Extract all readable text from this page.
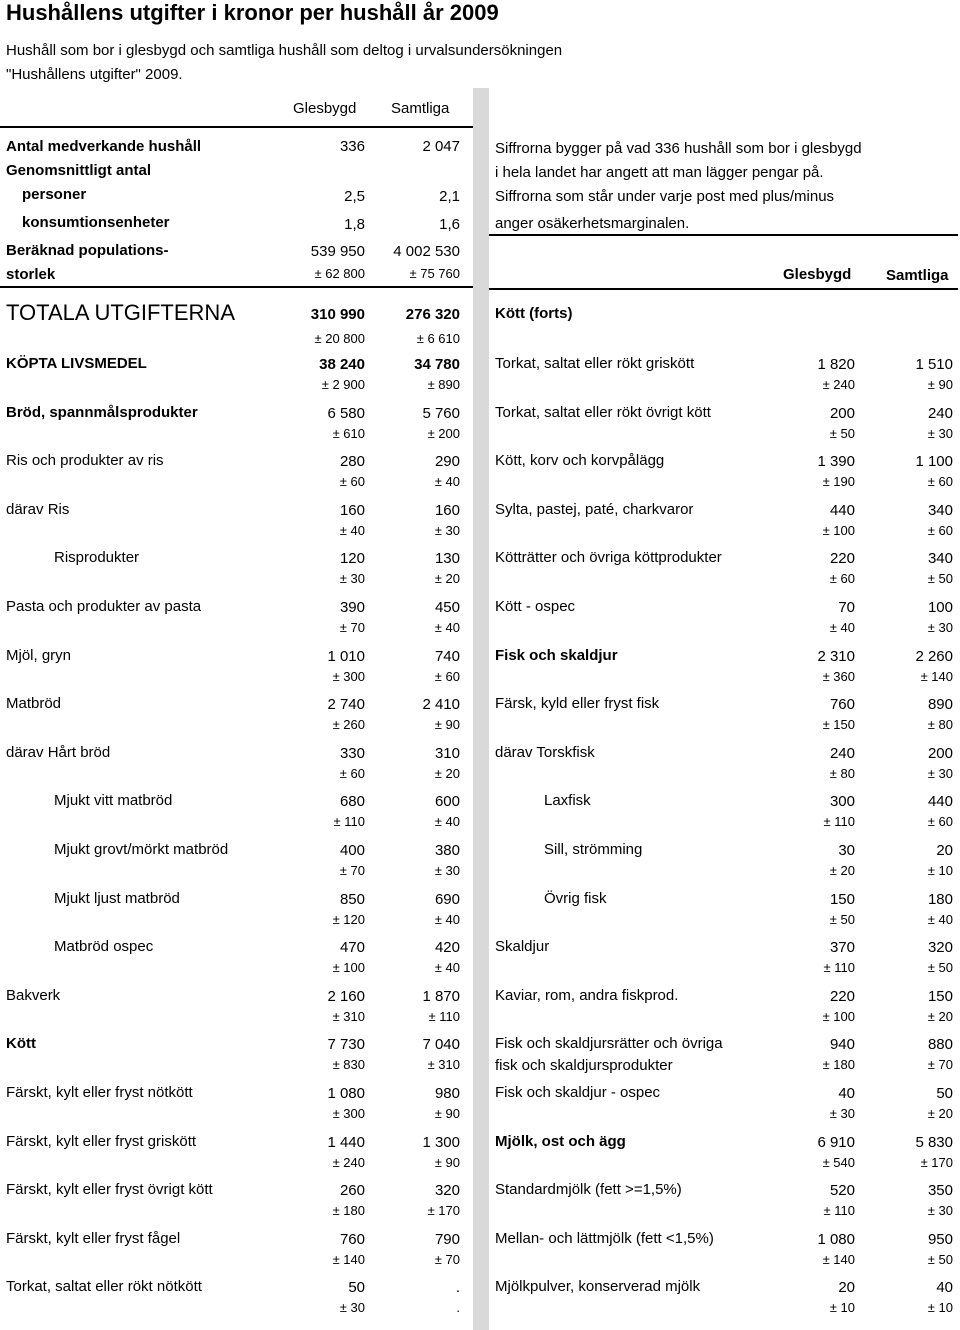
Hushållens utgifter i kronor per hushåll år 2009
Hushåll som bor i glesbygd och samtliga hushåll som deltog i urvalsundersökningen
"Hushållens utgifter" 2009.
Glesbygd Samtliga
Antal medverkande hushåll	336	2 047
Genomsnittligt antal
personer	2,5	2,1
konsumtionsenheter	1,8	1,6
Beräknad populations-
storlek
539 950	4 002 530
± 62 800	± 75 760
Siffrorna bygger på vad 336 hushåll som bor i glesbygd
i hela landet har angett att man lägger pengar på.
Siffrorna som står under varje post med plus/minus
anger osäkerhetsmarginalen.
Glesbygd Samtliga
TOTALA UTGIFTERNA	310 990	276 320
± 20 800	± 6 610
KÖPTA LIVSMEDEL	38 240	34 780
± 2 900	± 890
Bröd, spannmålsprodukter	6 580	5 760
± 610	± 200
Ris och produkter av ris	280	290
± 60	± 40
därav Ris	160	160
± 40	± 30
Risprodukter	120	130
± 30	± 20
Pasta och produkter av pasta	390	450
± 70	± 40
Mjöl, gryn	1 010	740
± 300	± 60
Matbröd	2 740	2 410
± 260	± 90
därav Hårt bröd	330	310
± 60	± 20
Mjukt vitt matbröd	680	600
± 110	± 40
Mjukt grovt/mörkt matbröd	400	380
± 70	± 30
Mjukt ljust matbröd	850	690
± 120	± 40
Matbröd ospec	470	420
± 100	± 40
Bakverk	2 160	1 870
± 310	± 110
Kött	7 730	7 040
± 830	± 310
Färskt, kylt eller fryst nötkött	1 080	980
± 300	± 90
Färskt, kylt eller fryst griskött	1 440	1 300
± 240	± 90
Färskt, kylt eller fryst övrigt kött	260	320
± 180	± 170
Färskt, kylt eller fryst fågel	760	790
± 140	± 70
Torkat, saltat eller rökt nötkött	50	.
± 30	.
Kött (forts)
Torkat, saltat eller rökt griskött	1 820	1 510
± 240	± 90
Torkat, saltat eller rökt övrigt kött	200	240
± 50	± 30
Kött, korv och korvpålägg	1 390	1 100
± 190	± 60
Sylta, pastej, paté, charkvaror	440	340
± 100	± 60
Kötträtter och övriga köttprodukter	220	340
± 60	± 50
Kött - ospec	70	100
± 40	± 30
Fisk och skaldjur	2 310	2 260
± 360	± 140
Färsk, kyld eller fryst fisk	760	890
± 150	± 80
därav Torskfisk	240	200
± 80	± 30
Laxfisk	300	440
± 110	± 60
Sill, strömming	30	20
± 20	± 10
Övrig fisk	150	180
± 50	± 40
Skaldjur	370	320
± 110	± 50
Kaviar, rom, andra fiskprod.	220	150
± 100	± 20
Fisk och skaldjursrätter och övriga
fisk och skaldjursprodukter
940	880
± 180	± 70
Fisk och skaldjur - ospec	40	50
± 30	± 20
Mjölk, ost och ägg	6 910	5 830
± 540	± 170
Standardmjölk (fett >=1,5%)	520	350
± 110	± 30
Mellan- och lättmjölk (fett <1,5%)	1 080	950
± 140	± 50
Mjölkpulver, konserverad mjölk	20	40
± 10	± 10
